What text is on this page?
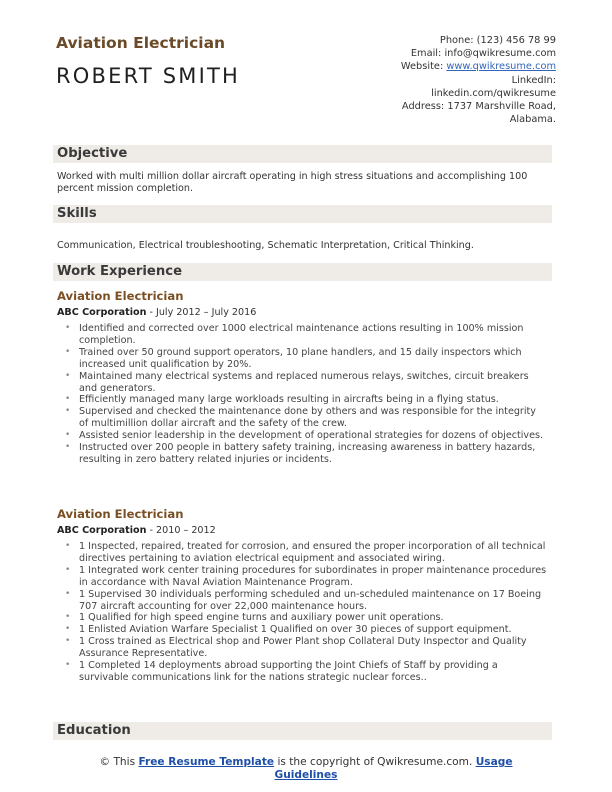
Aviation Electrician
ROBERT SMITH
Phone: (123) 456 78 99
Email: info@qwikresume.com
Website: www.qwikresume.com
LinkedIn:
linkedin.com/qwikresume
Address: 1737 Marshville Road,
Alabama.
Objective
Worked with multi million dollar aircraft operating in high stress situations and accomplishing 100 percent mission completion.
Skills
Communication, Electrical troubleshooting, Schematic Interpretation, Critical Thinking.
Work Experience
Aviation Electrician
ABC Corporation - July 2012 – July 2016
• Identified and corrected over 1000 electrical maintenance actions resulting in 100% mission completion.
• Trained over 50 ground support operators, 10 plane handlers, and 15 daily inspectors which increased unit qualification by 20%.
• Maintained many electrical systems and replaced numerous relays, switches, circuit breakers and generators.
• Efficiently managed many large workloads resulting in aircrafts being in a flying status.
• Supervised and checked the maintenance done by others and was responsible for the integrity of multimillion dollar aircraft and the safety of the crew.
• Assisted senior leadership in the development of operational strategies for dozens of objectives.
• Instructed over 200 people in battery safety training, increasing awareness in battery hazards, resulting in zero battery related injuries or incidents.
Aviation Electrician
ABC Corporation - 2010 – 2012
• 1 Inspected, repaired, treated for corrosion, and ensured the proper incorporation of all technical directives pertaining to aviation electrical equipment and associated wiring.
• 1 Integrated work center training procedures for subordinates in proper maintenance procedures in accordance with Naval Aviation Maintenance Program.
• 1 Supervised 30 individuals performing scheduled and un-scheduled maintenance on 17 Boeing 707 aircraft accounting for over 22,000 maintenance hours.
• 1 Qualified for high speed engine turns and auxiliary power unit operations.
• 1 Enlisted Aviation Warfare Specialist 1 Qualified on over 30 pieces of support equipment.
• 1 Cross trained as Electrical shop and Power Plant shop Collateral Duty Inspector and Quality Assurance Representative.
• 1 Completed 14 deployments abroad supporting the Joint Chiefs of Staff by providing a survivable communications link for the nations strategic nuclear forces..
Education
© This Free Resume Template is the copyright of Qwikresume.com. Usage
Guidelines
